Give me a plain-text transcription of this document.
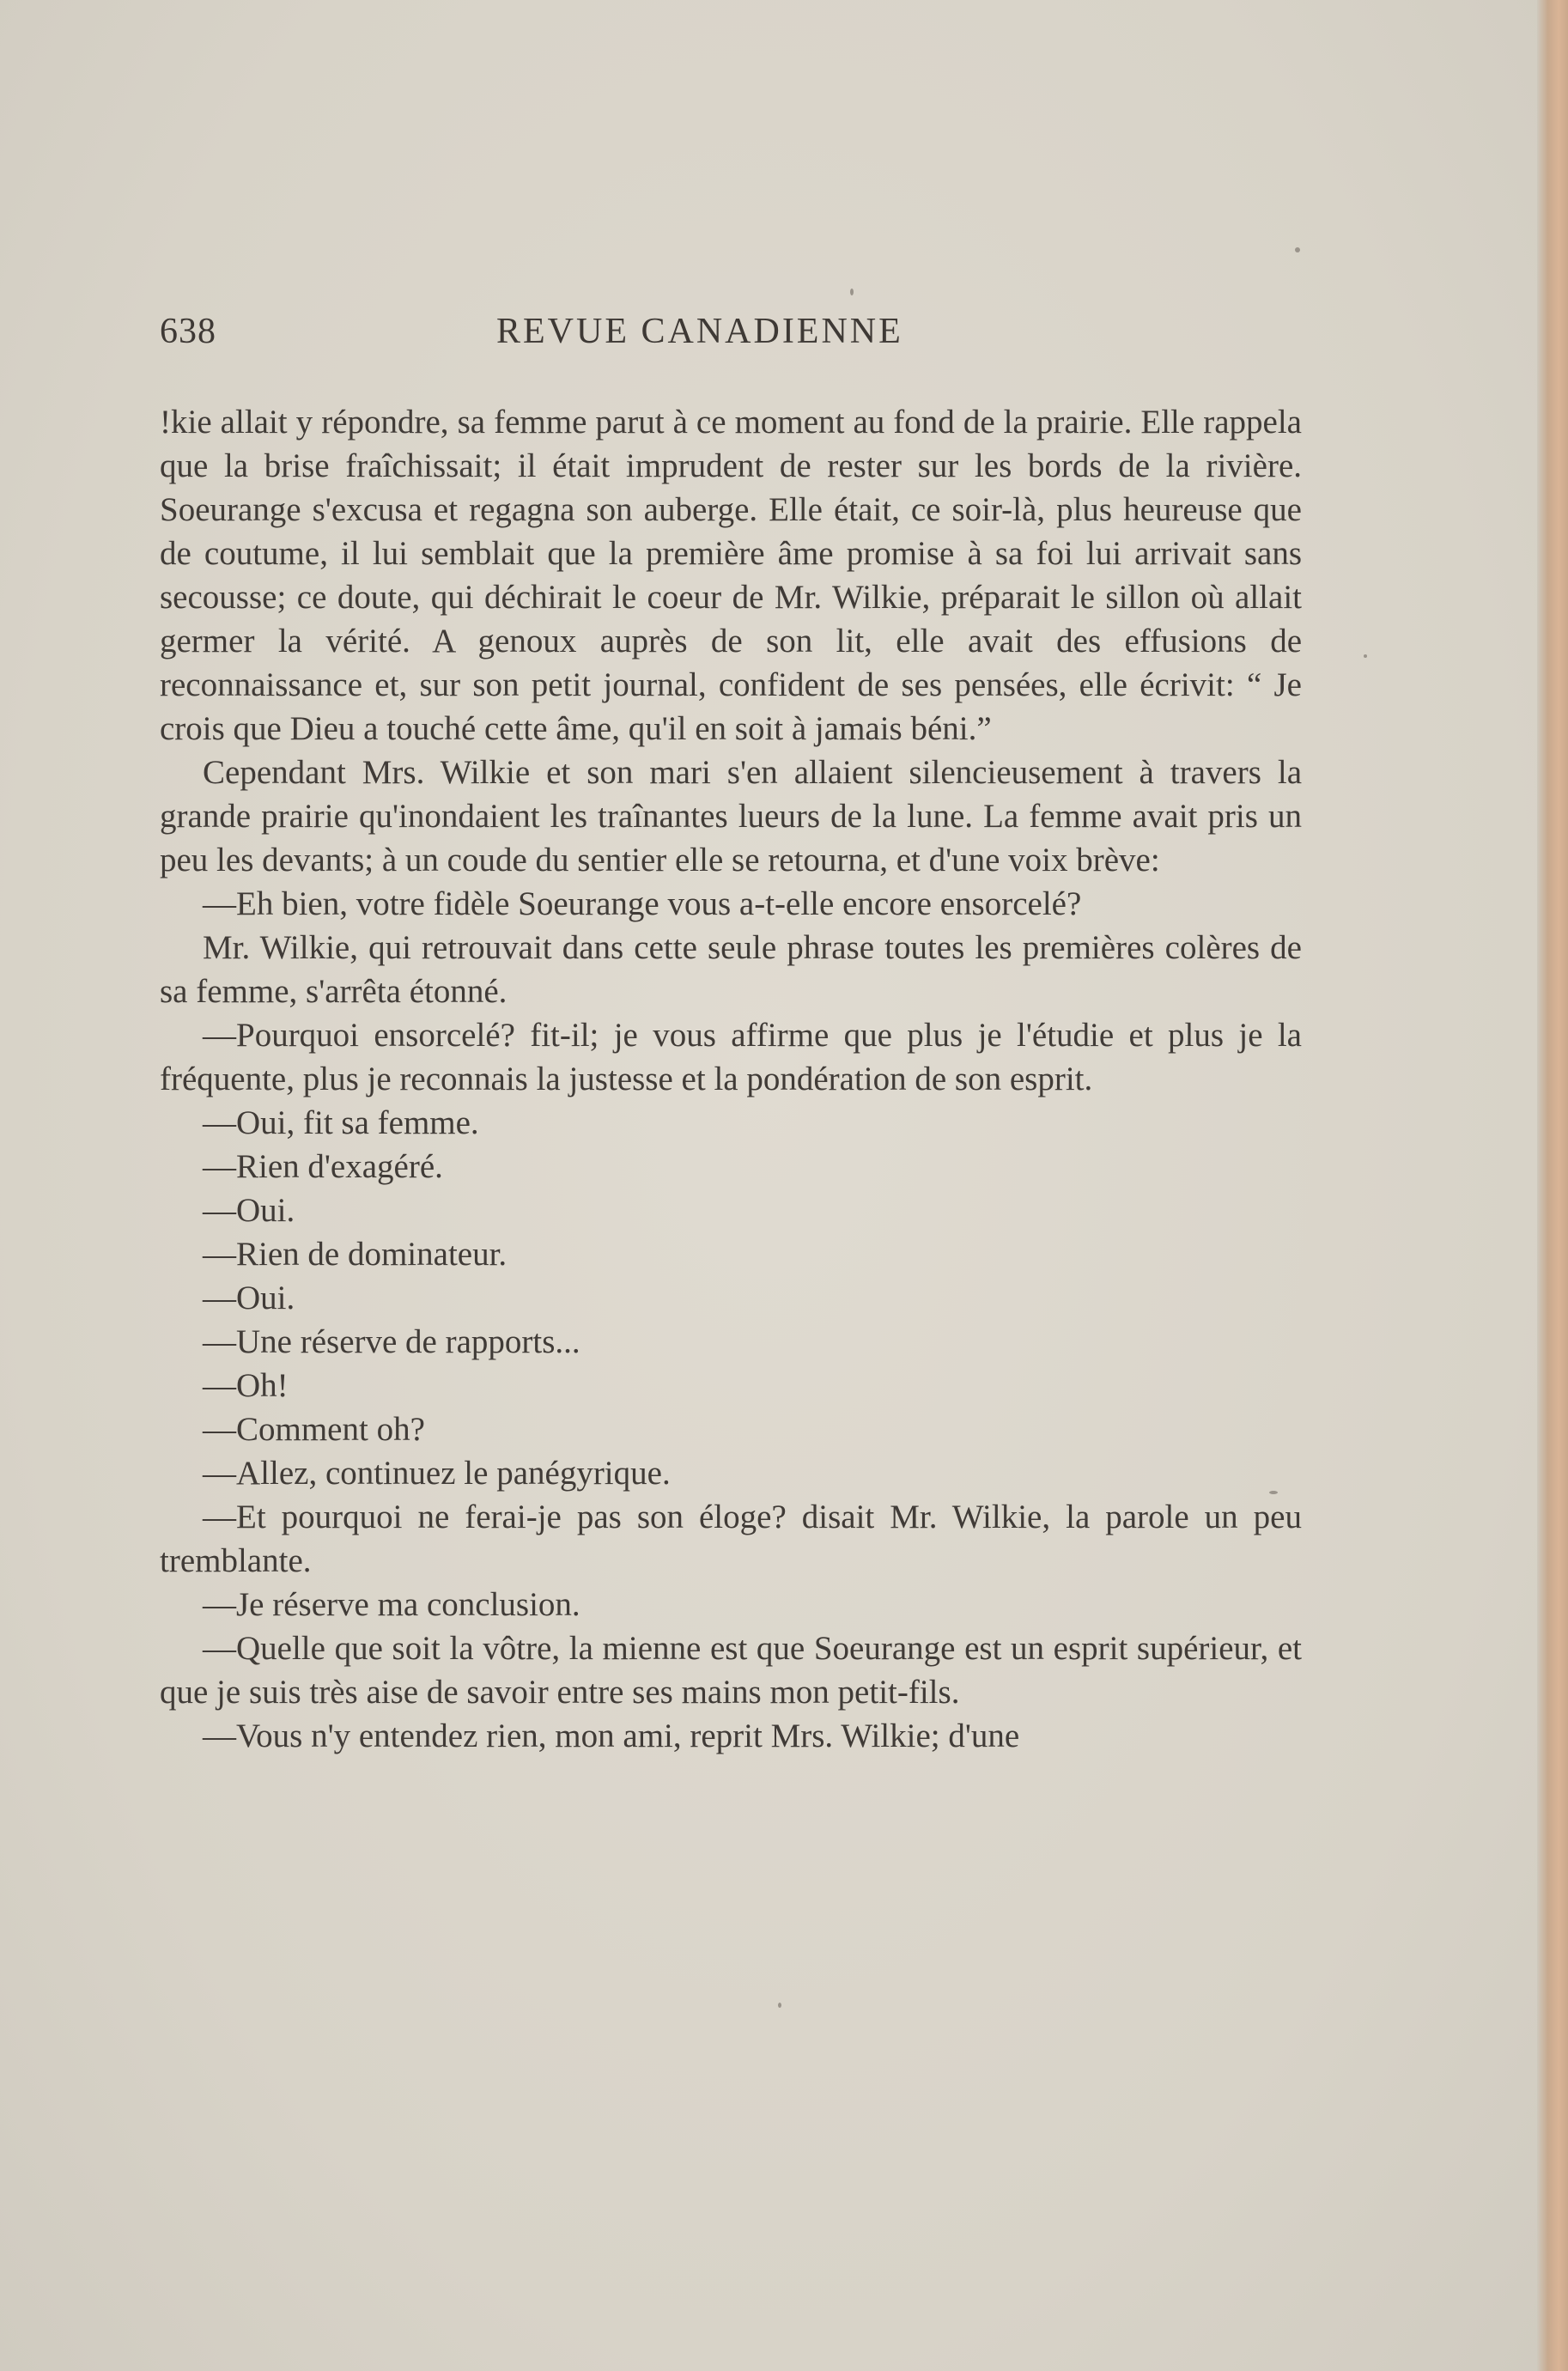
638	REVUE CANADIENNE

!kie allait y répondre, sa femme parut à ce moment au fond de la prairie. Elle rappela que la brise fraîchissait; il était imprudent de rester sur les bords de la rivière. Soeurange s'excusa et regagna son auberge. Elle était, ce soir-là, plus heureuse que de coutume, il lui semblait que la première âme promise à sa foi lui arrivait sans secousse; ce doute, qui déchirait le coeur de Mr. Wilkie, préparait le sillon où allait germer la vérité. A genoux auprès de son lit, elle avait des effusions de reconnaissance et, sur son petit journal, confident de ses pensées, elle écrivit: “ Je crois que Dieu a touché cette âme, qu'il en soit à jamais béni.”

Cependant Mrs. Wilkie et son mari s'en allaient silencieusement à travers la grande prairie qu'inondaient les traînantes lueurs de la lune. La femme avait pris un peu les devants; à un coude du sentier elle se retourna, et d'une voix brève:

—Eh bien, votre fidèle Soeurange vous a-t-elle encore ensorcelé?

Mr. Wilkie, qui retrouvait dans cette seule phrase toutes les premières colères de sa femme, s'arrêta étonné.

—Pourquoi ensorcelé? fit-il; je vous affirme que plus je l'étudie et plus je la fréquente, plus je reconnais la justesse et la pondération de son esprit.

—Oui, fit sa femme.

—Rien d'exagéré.

—Oui.

—Rien de dominateur.

—Oui.

—Une réserve de rapports...

—Oh!

—Comment oh?

—Allez, continuez le panégyrique.

—Et pourquoi ne ferai-je pas son éloge? disait Mr. Wilkie, la parole un peu tremblante.

—Je réserve ma conclusion.

—Quelle que soit la vôtre, la mienne est que Soeurange est un esprit supérieur, et que je suis très aise de savoir entre ses mains mon petit-fils.

—Vous n'y entendez rien, mon ami, reprit Mrs. Wilkie; d'une
